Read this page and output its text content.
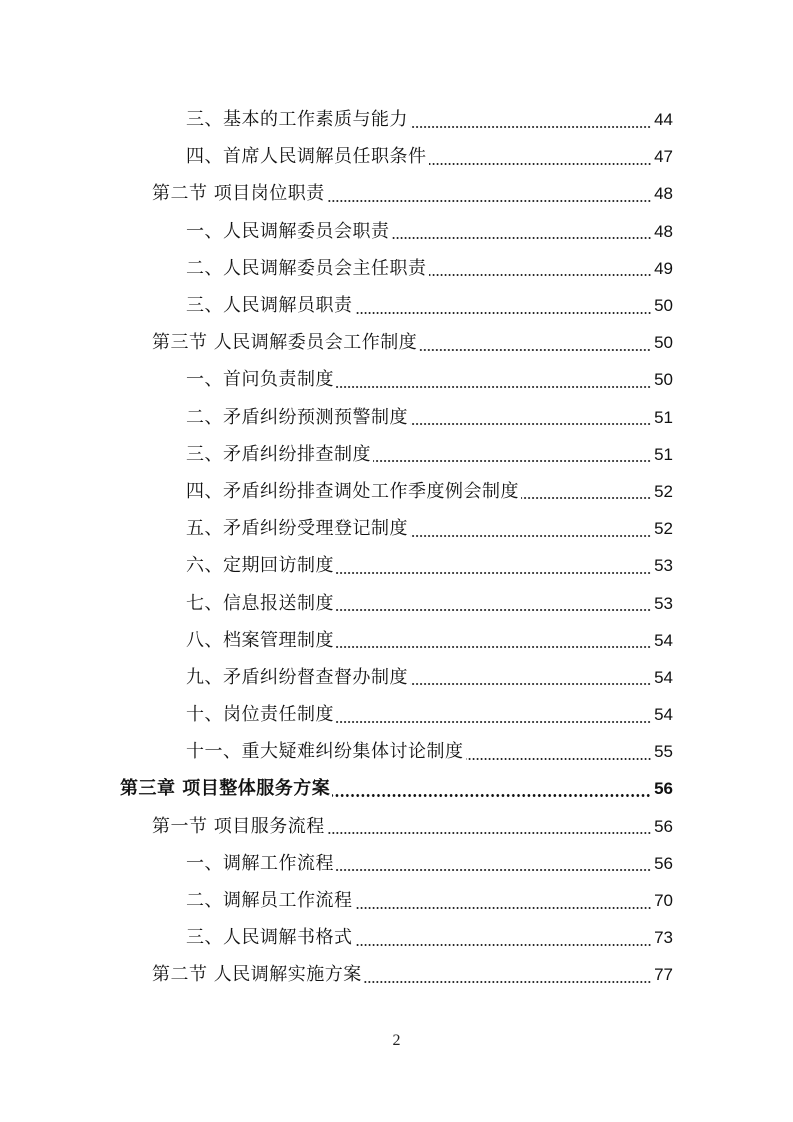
三、基本的工作素质与能力	44
四、首席人民调解员任职条件	47
第二节 项目岗位职责	48
一、人民调解委员会职责	48
二、人民调解委员会主任职责	49
三、人民调解员职责	50
第三节 人民调解委员会工作制度	50
一、首问负责制度	50
二、矛盾纠纷预测预警制度	51
三、矛盾纠纷排查制度	51
四、矛盾纠纷排查调处工作季度例会制度	52
五、矛盾纠纷受理登记制度	52
六、定期回访制度	53
七、信息报送制度	53
八、档案管理制度	54
九、矛盾纠纷督查督办制度	54
十、岗位责任制度	54
十一、重大疑难纠纷集体讨论制度	55
第三章 项目整体服务方案	56
第一节 项目服务流程	56
一、调解工作流程	56
二、调解员工作流程	70
三、人民调解书格式	73
第二节 人民调解实施方案	77
2
